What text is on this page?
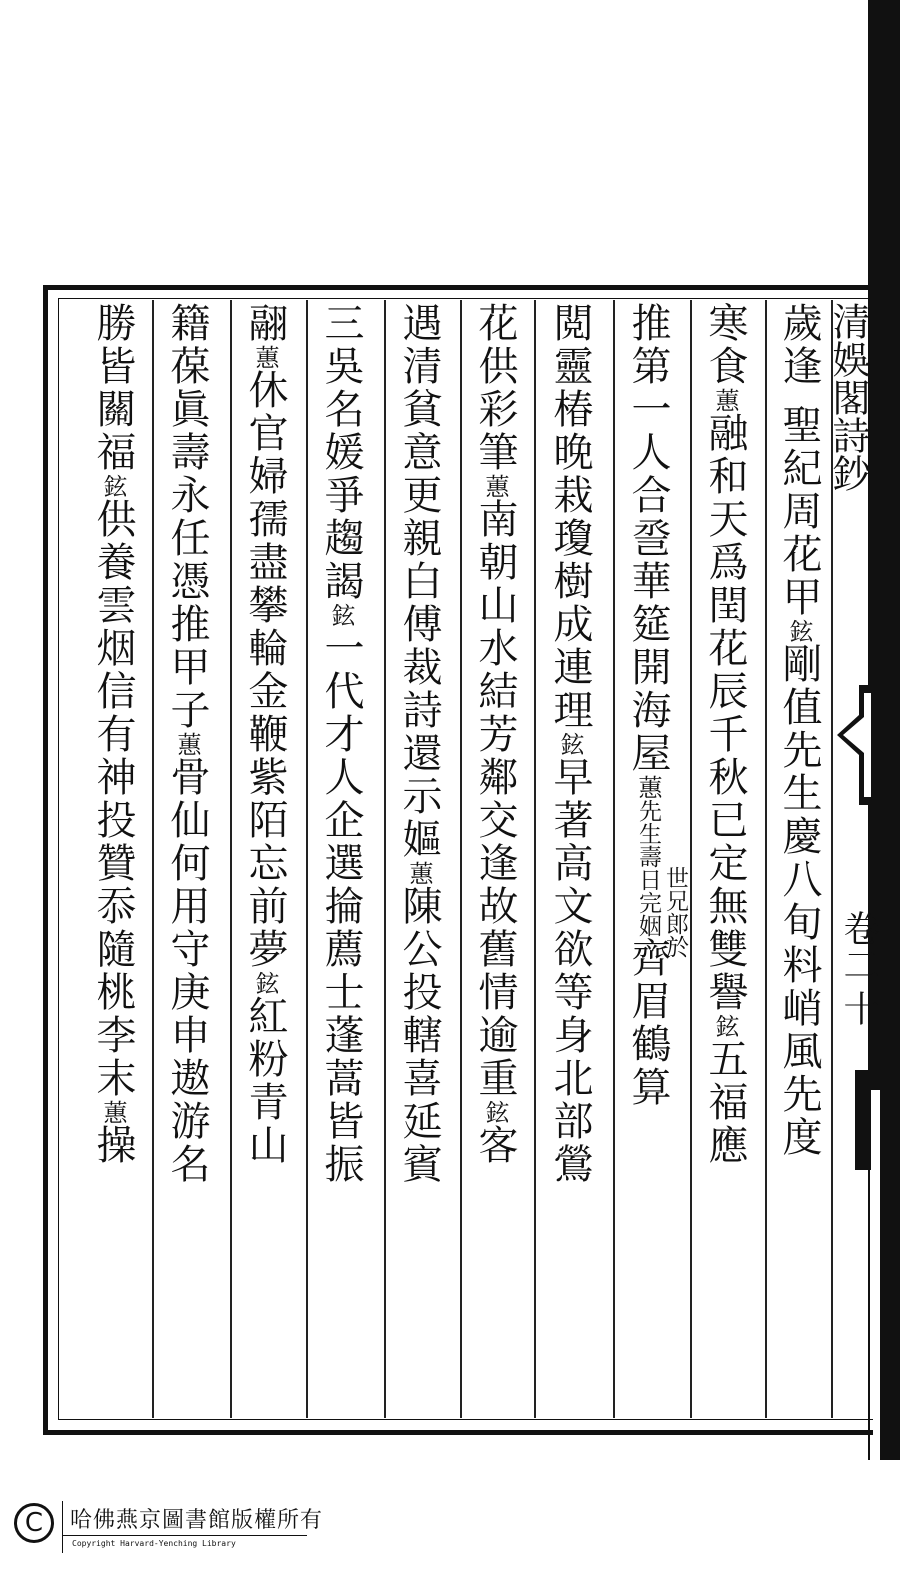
清娛閣詩鈔
卷二
十
歲逢 聖紀周花甲鉉剛值先生慶八旬料峭風先度
寒食蕙融和天爲閏花辰千秋已定無雙譽鉉五福應
推第一人合巹華筵開海屋蕙先生壽日完姻齊眉鶴算
世兄郎於
閲靈椿晚栽瓊樹成連理鉉早著高文欲等身北部鶯
花供彩筆蕙南朝山水結芳鄰交逢故舊情逾重鉉客
遇清貧意更親白傅裁詩還示嫗蕙陳公投轄喜延賓
三吳名媛爭趨謁鉉一代才人企選掄薦士蓬蒿皆振
翮蕙休官婦孺盡攀輪金鞭紫陌忘前夢鉉紅粉青山
籍葆眞壽永任憑推甲子蕙骨仙何用守庚申遨游名
勝皆關福鉉供養雲烟信有神投贊忝隨桃李末蕙操
C	哈佛燕京圖書館版權所有
Copyright Harvard-Yenching Library
